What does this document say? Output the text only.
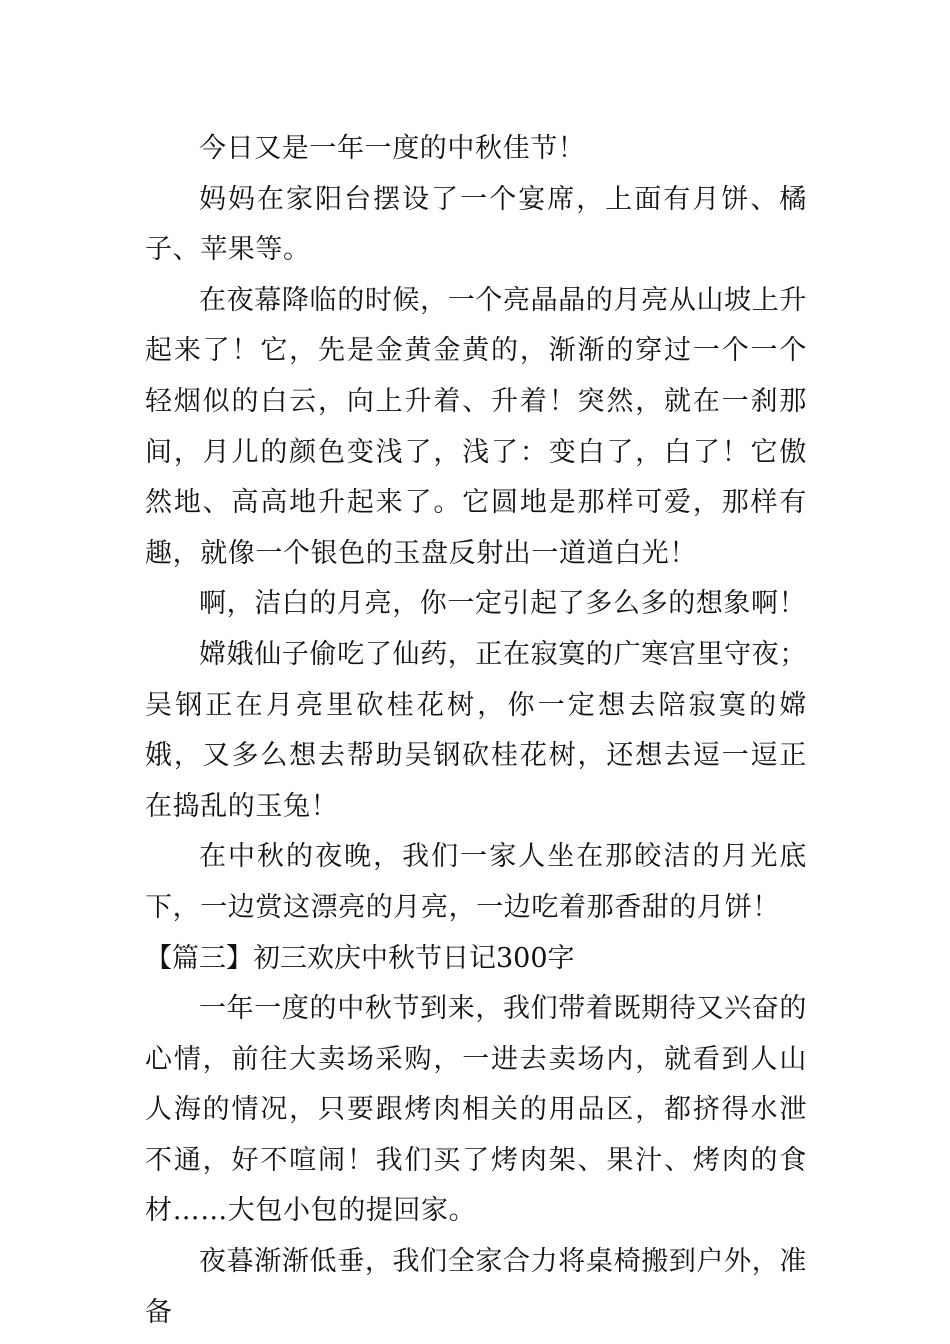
今日又是一年一度的中秋佳节！

妈妈在家阳台摆设了一个宴席，上面有月饼、橘子、苹果等。

在夜幕降临的时候，一个亮晶晶的月亮从山坡上升起来了！它，先是金黄金黄的，渐渐的穿过一个一个轻烟似的白云，向上升着、升着！突然，就在一刹那间，月儿的颜色变浅了，浅了：变白了，白了！它傲然地、高高地升起来了。它圆地是那样可爱，那样有趣，就像一个银色的玉盘反射出一道道白光！

啊，洁白的月亮，你一定引起了多么多的想象啊！

嫦娥仙子偷吃了仙药，正在寂寞的广寒宫里守夜；吴钢正在月亮里砍桂花树，你一定想去陪寂寞的嫦娥，又多么想去帮助吴钢砍桂花树，还想去逗一逗正在捣乱的玉兔！

在中秋的夜晚，我们一家人坐在那皎洁的月光底下，一边赏这漂亮的月亮，一边吃着那香甜的月饼！

【篇三】初三欢庆中秋节日记300字

一年一度的中秋节到来，我们带着既期待又兴奋的心情，前往大卖场采购，一进去卖场内，就看到人山人海的情况，只要跟烤肉相关的用品区，都挤得水泄不通，好不喧闹！我们买了烤肉架、果汁、烤肉的食材……大包小包的提回家。

夜暮渐渐低垂，我们全家合力将桌椅搬到户外，准备
